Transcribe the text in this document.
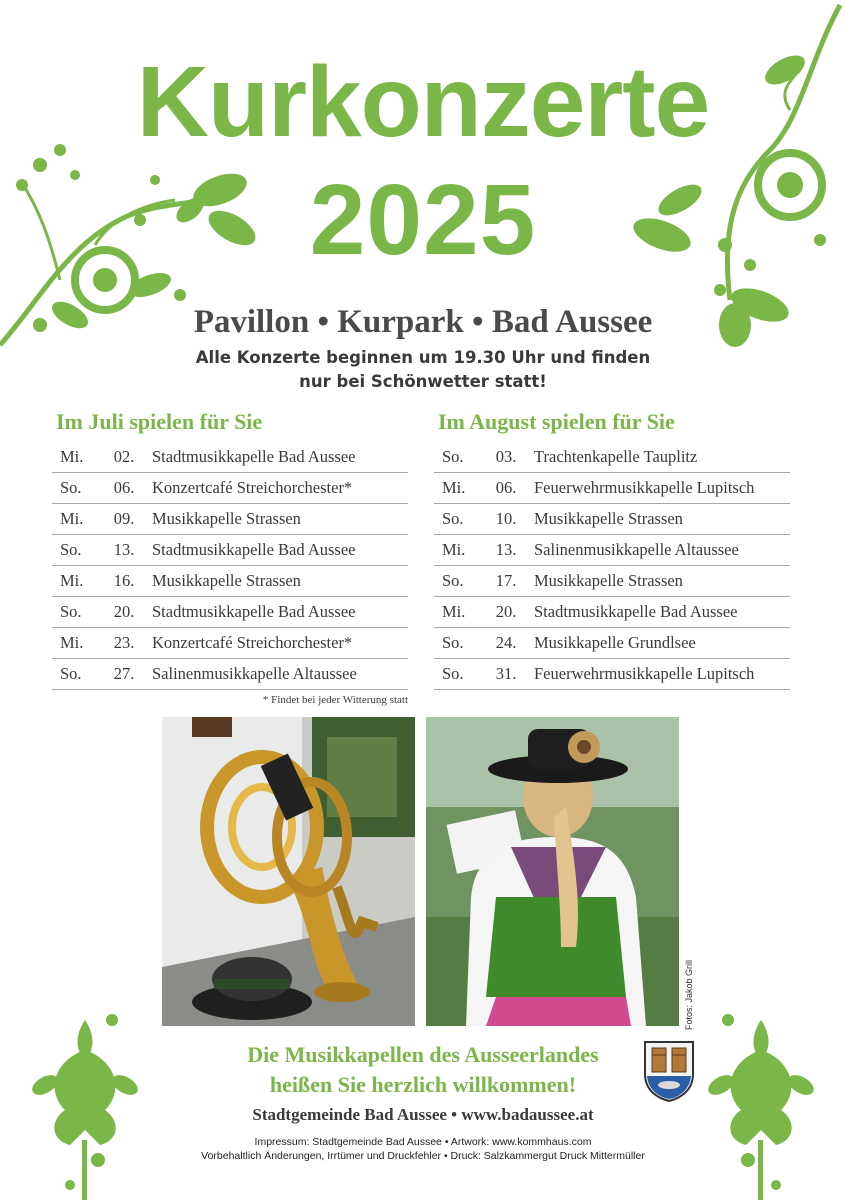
Kurkonzerte
2025
Pavillon • Kurpark • Bad Aussee
Alle Konzerte beginnen um 19.30 Uhr und finden
nur bei Schönwetter statt!
Im Juli spielen für Sie
Mi.	02.	Stadtmusikkapelle Bad Aussee
So.	06.	Konzertcafé Streichorchester*
Mi.	09.	Musikkapelle Strassen
So.	13.	Stadtmusikkapelle Bad Aussee
Mi.	16.	Musikkapelle Strassen
So.	20.	Stadtmusikkapelle Bad Aussee
Mi.	23.	Konzertcafé Streichorchester*
So.	27.	Salinenmusikkapelle Altaussee
* Findet bei jeder Witterung statt
Im August spielen für Sie
So.	03.	Trachtenkapelle Tauplitz
Mi.	06.	Feuerwehrmusikkapelle Lupitsch
So.	10.	Musikkapelle Strassen
Mi.	13.	Salinenmusikkapelle Altaussee
So.	17.	Musikkapelle Strassen
Mi.	20.	Stadtmusikkapelle Bad Aussee
So.	24.	Musikkapelle Grundlsee
So.	31.	Feuerwehrmusikkapelle Lupitsch
Fotos: Jakob Grill
Die Musikkapellen des Ausseerlandes
heißen Sie herzlich willkommen!
Stadtgemeinde Bad Aussee • www.badaussee.at
Impressum: Stadtgemeinde Bad Aussee • Artwork: www.kommhaus.com
Vorbehaltlich Änderungen, Irrtümer und Druckfehler • Druck: Salzkammergut Druck Mittermüller
